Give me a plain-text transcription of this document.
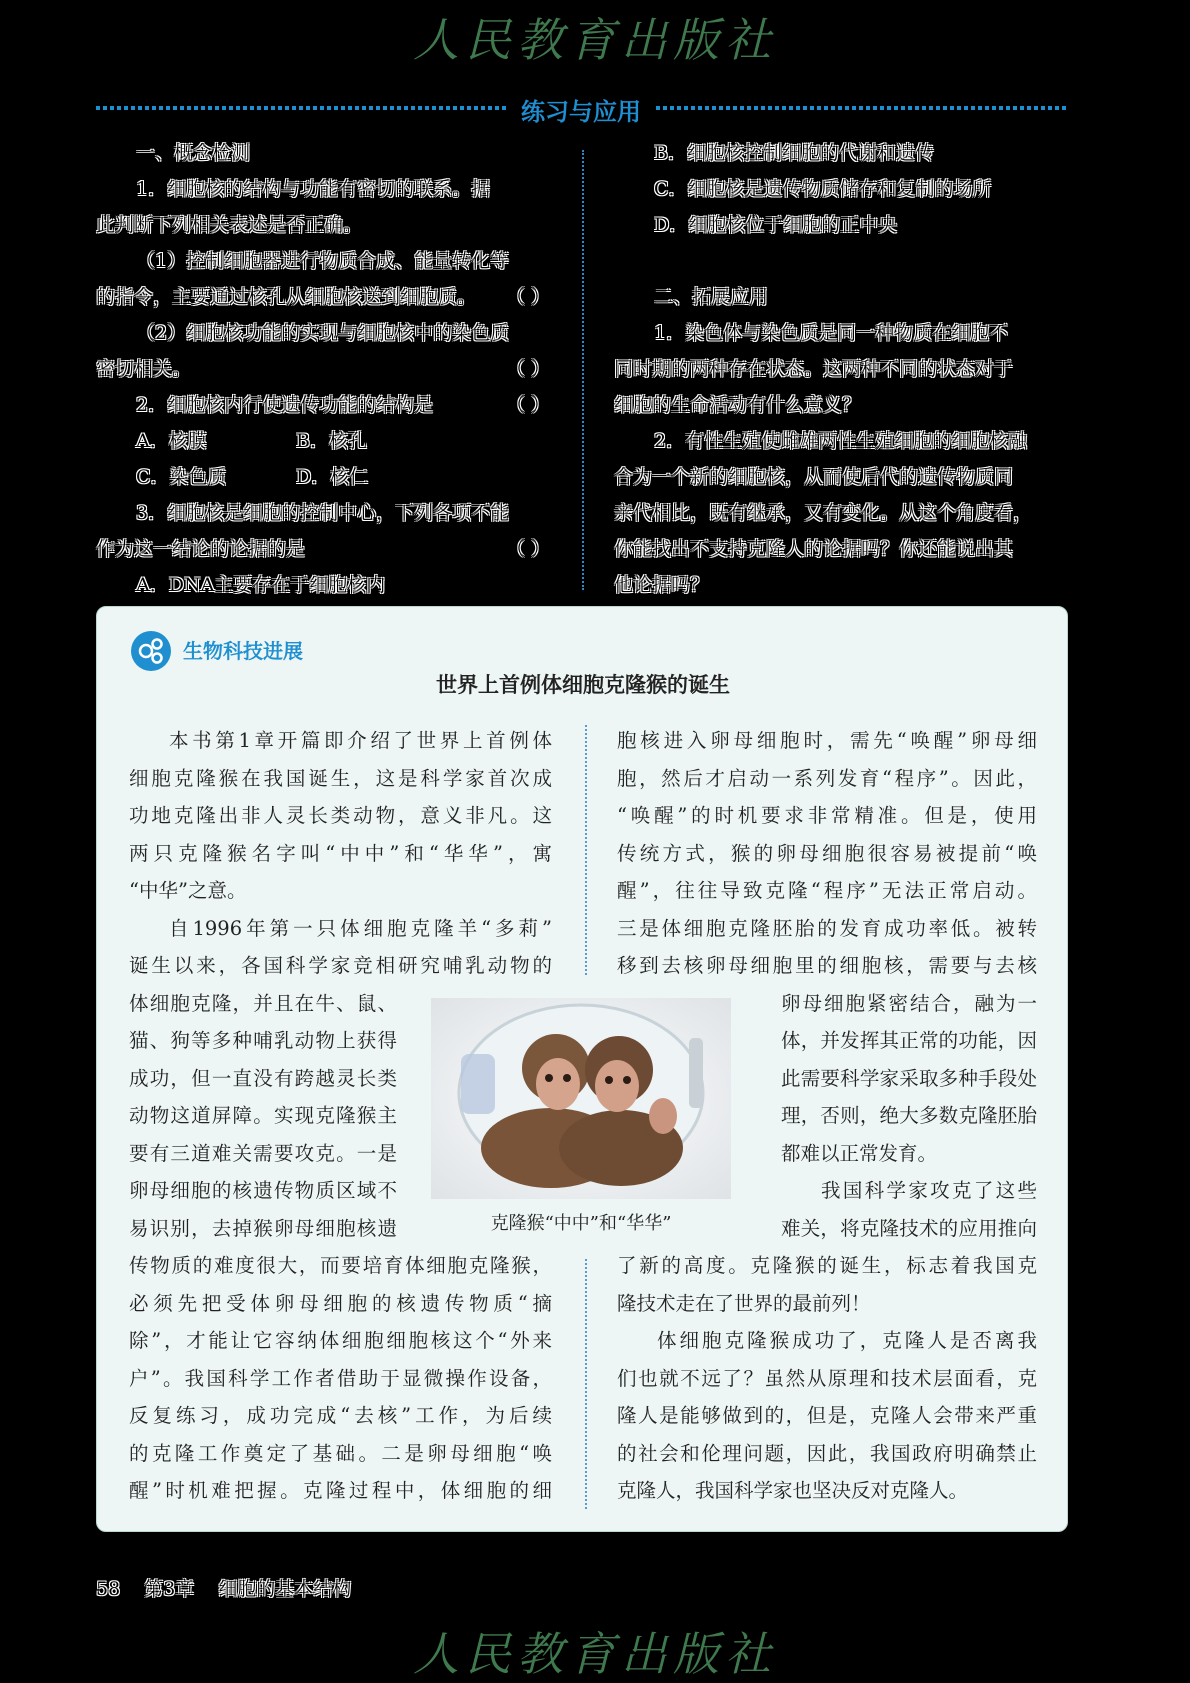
人民教育出版社
练习与应用
一、概念检测
1．细胞核的结构与功能有密切的联系。据
此判断下列相关表述是否正确。
（1）控制细胞器进行物质合成、能量转化等
的指令，主要通过核孔从细胞核送到细胞质。 （ ）
（2）细胞核功能的实现与细胞核中的染色质
密切相关。	（ ）
2．细胞核内行使遗传功能的结构是	（ ）
A．核膜	B．核孔
C．染色质	D．核仁
3．细胞核是细胞的控制中心，下列各项不能
作为这一结论的论据的是	（ ）
A．DNA主要存在于细胞核内
B．细胞核控制细胞的代谢和遗传
C．细胞核是遗传物质储存和复制的场所
D．细胞核位于细胞的正中央
二、拓展应用
1．染色体与染色质是同一种物质在细胞不
同时期的两种存在状态。这两种不同的状态对于
细胞的生命活动有什么意义？
2．有性生殖使雌雄两性生殖细胞的细胞核融
合为一个新的细胞核，从而使后代的遗传物质同
亲代相比，既有继承，又有变化。从这个角度看，
你能找出不支持克隆人的论据吗？你还能说出其
他论据吗？
生物科技进展
世界上首例体细胞克隆猴的诞生
本书第1章开篇即介绍了世界上首例体
细胞克隆猴在我国诞生，这是科学家首次成
功地克隆出非人灵长类动物，意义非凡。这
两只克隆猴名字叫“中中”和“华华”，寓
“中华”之意。
自1996年第一只体细胞克隆羊“多莉”
诞生以来，各国科学家竞相研究哺乳动物的
体细胞克隆，并且在牛、鼠、
猫、狗等多种哺乳动物上获得
成功，但一直没有跨越灵长类
动物这道屏障。实现克隆猴主
要有三道难关需要攻克。一是
卵母细胞的核遗传物质区域不
易识别，去掉猴卵母细胞核遗
传物质的难度很大，而要培育体细胞克隆猴，
必须先把受体卵母细胞的核遗传物质“摘
除”，才能让它容纳体细胞细胞核这个“外来
户”。我国科学工作者借助于显微操作设备，
反复练习，成功完成“去核”工作，为后续
的克隆工作奠定了基础。二是卵母细胞“唤
醒”时机难把握。克隆过程中，体细胞的细
胞核进入卵母细胞时，需先“唤醒”卵母细
胞，然后才启动一系列发育“程序”。因此，
“唤醒”的时机要求非常精准。但是，使用
传统方式，猴的卵母细胞很容易被提前“唤
醒”，往往导致克隆“程序”无法正常启动。
三是体细胞克隆胚胎的发育成功率低。被转
移到去核卵母细胞里的细胞核，需要与去核
卵母细胞紧密结合，融为一
体，并发挥其正常的功能，因
此需要科学家采取多种手段处
理，否则，绝大多数克隆胚胎
都难以正常发育。
我国科学家攻克了这些
难关，将克隆技术的应用推向
了新的高度。克隆猴的诞生，标志着我国克
隆技术走在了世界的最前列！
体细胞克隆猴成功了，克隆人是否离我
们也就不远了？虽然从原理和技术层面看，克
隆人是能够做到的，但是，克隆人会带来严重
的社会和伦理问题，因此，我国政府明确禁止
克隆人，我国科学家也坚决反对克隆人。
克隆猴“中中”和“华华”
58 第3章 细胞的基本结构
人民教育出版社
